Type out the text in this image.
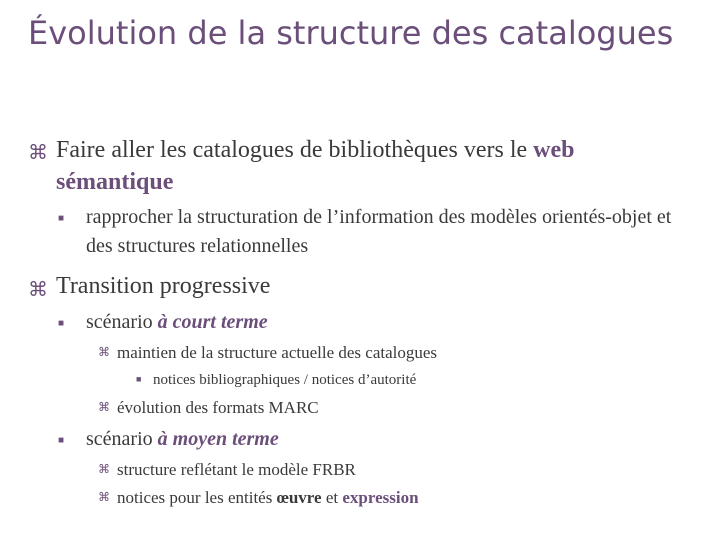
Évolution de la structure des catalogues
⌘ Faire aller les catalogues de bibliothèques vers le web sémantique
■ rapprocher la structuration de l’information des modèles orientés-objet et des structures relationnelles
⌘ Transition progressive
■ scénario à court terme
⌘ maintien de la structure actuelle des catalogues
■ notices bibliographiques / notices d’autorité
⌘ évolution des formats MARC
■ scénario à moyen terme
⌘ structure reflétant le modèle FRBR
⌘ notices pour les entités œuvre et expression
